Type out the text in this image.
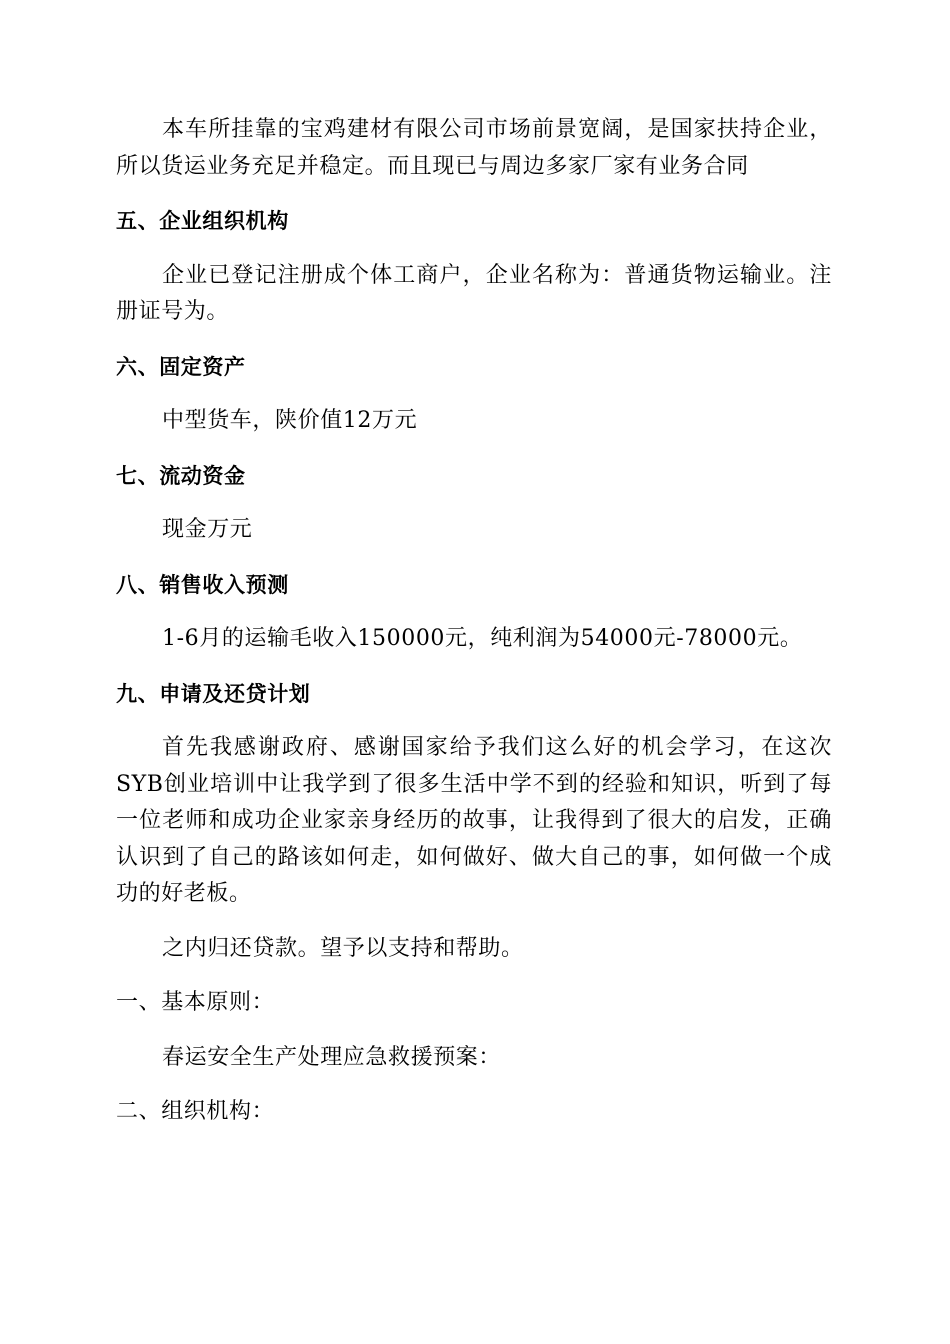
本车所挂靠的宝鸡建材有限公司市场前景宽阔，是国家扶持企业，所以货运业务充足并稳定。而且现已与周边多家厂家有业务合同

五、企业组织机构

企业已登记注册成个体工商户，企业名称为：普通货物运输业。注册证号为。

六、固定资产

中型货车，陕价值12万元

七、流动资金

现金万元

八、销售收入预测

1-6月的运输毛收入150000元，纯利润为54000元-78000元。

九、申请及还贷计划

首先我感谢政府、感谢国家给予我们这么好的机会学习，在这次SYB创业培训中让我学到了很多生活中学不到的经验和知识，听到了每一位老师和成功企业家亲身经历的故事，让我得到了很大的启发，正确认识到了自己的路该如何走，如何做好、做大自己的事，如何做一个成功的好老板。

之内归还贷款。望予以支持和帮助。

一、基本原则：

春运安全生产处理应急救援预案：

二、组织机构：
